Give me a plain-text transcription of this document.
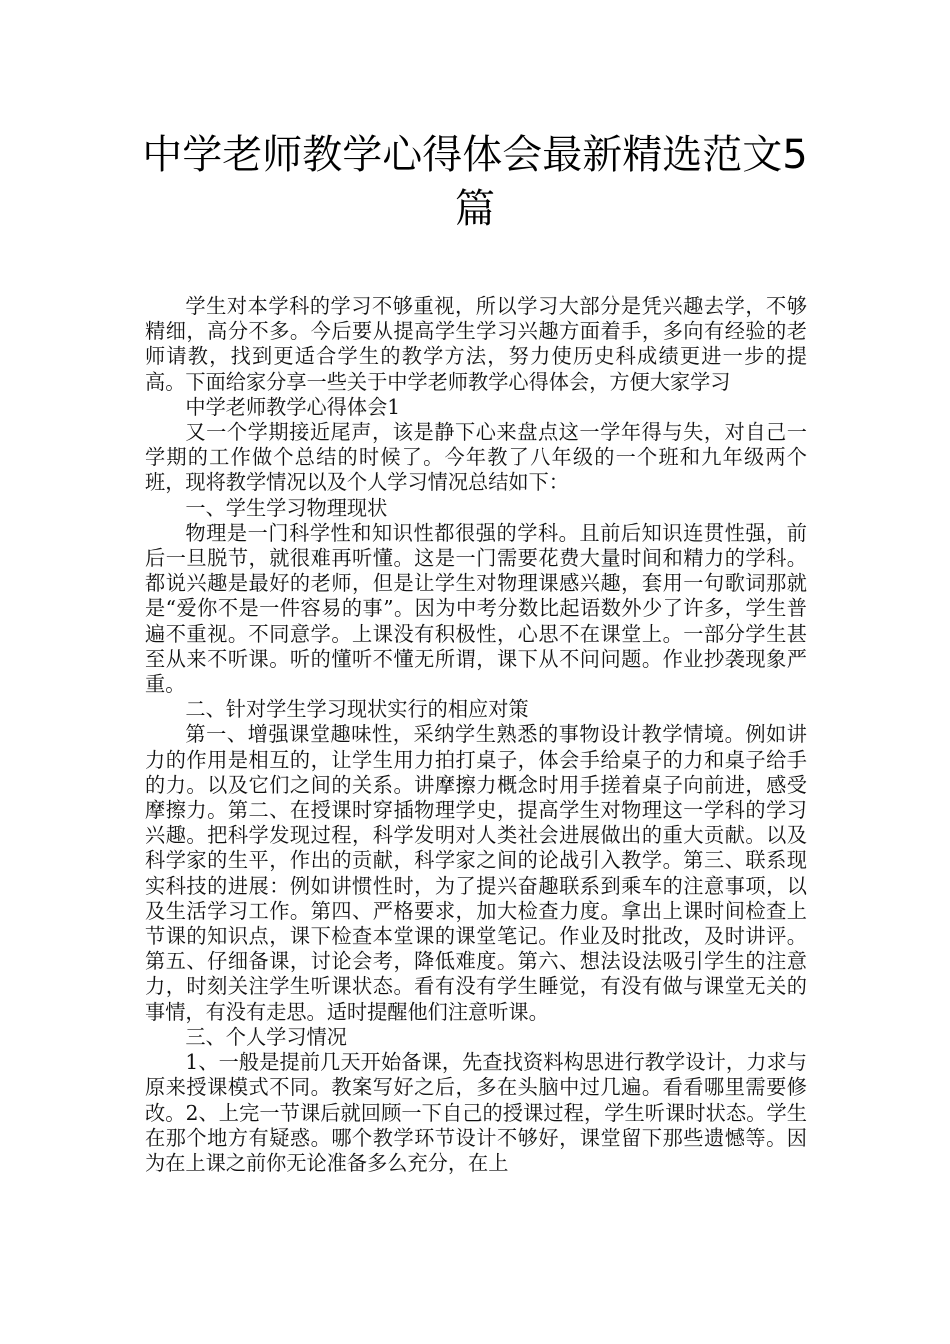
中学老师教学心得体会最新精选范文5篇

学生对本学科的学习不够重视，所以学习大部分是凭兴趣去学，不够精细，高分不多。今后要从提高学生学习兴趣方面着手，多向有经验的老师请教，找到更适合学生的教学方法，努力使历史科成绩更进一步的提高。下面给家分享一些关于中学老师教学心得体会，方便大家学习

中学老师教学心得体会1

又一个学期接近尾声，该是静下心来盘点这一学年得与失，对自己一学期的工作做个总结的时候了。今年教了八年级的一个班和九年级两个班，现将教学情况以及个人学习情况总结如下：

一、学生学习物理现状

物理是一门科学性和知识性都很强的学科。且前后知识连贯性强，前后一旦脱节，就很难再听懂。这是一门需要花费大量时间和精力的学科。都说兴趣是最好的老师，但是让学生对物理课感兴趣，套用一句歌词那就是“爱你不是一件容易的事”。因为中考分数比起语数外少了许多，学生普遍不重视。不同意学。上课没有积极性，心思不在课堂上。一部分学生甚至从来不听课。听的懂听不懂无所谓，课下从不问问题。作业抄袭现象严重。

二、针对学生学习现状实行的相应对策

第一、增强课堂趣味性，采纳学生熟悉的事物设计教学情境。例如讲力的作用是相互的，让学生用力拍打桌子，体会手给桌子的力和桌子给手的力。以及它们之间的关系。讲摩擦力概念时用手搓着桌子向前进，感受摩擦力。第二、在授课时穿插物理学史，提高学生对物理这一学科的学习兴趣。把科学发现过程，科学发明对人类社会进展做出的重大贡献。以及科学家的生平，作出的贡献，科学家之间的论战引入教学。第三、联系现实科技的进展：例如讲惯性时，为了提兴奋趣联系到乘车的注意事项，以及生活学习工作。第四、严格要求，加大检查力度。拿出上课时间检查上节课的知识点，课下检查本堂课的课堂笔记。作业及时批改，及时讲评。第五、仔细备课，讨论会考，降低难度。第六、想法设法吸引学生的注意力，时刻关注学生听课状态。看有没有学生睡觉，有没有做与课堂无关的事情，有没有走思。适时提醒他们注意听课。

三、个人学习情况

1、一般是提前几天开始备课，先查找资料构思进行教学设计，力求与原来授课模式不同。教案写好之后，多在头脑中过几遍。看看哪里需要修改。2、上完一节课后就回顾一下自己的授课过程，学生听课时状态。学生在那个地方有疑惑。哪个教学环节设计不够好，课堂留下那些遗憾等。因为在上课之前你无论准备多么充分，在上
